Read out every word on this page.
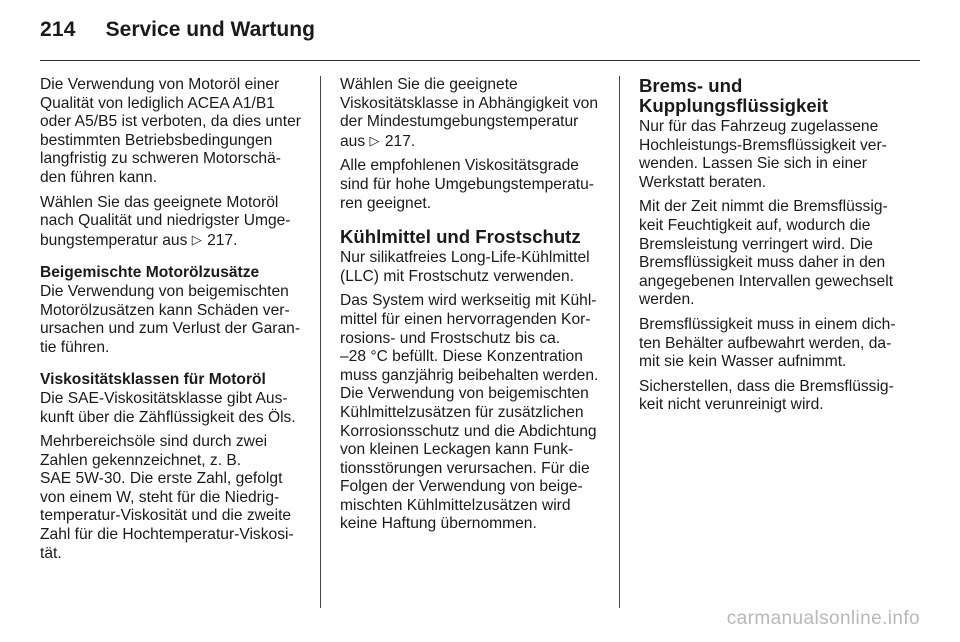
214 Service und Wartung

Die Verwendung von Motoröl einer
Qualität von lediglich ACEA A1/B1
oder A5/B5 ist verboten, da dies unter
bestimmten Betriebsbedingungen
langfristig zu schweren Motorschä-
den führen kann.

Wählen Sie das geeignete Motoröl
nach Qualität und niedrigster Umge-
bungstemperatur aus ▷ 217.

Beigemischte Motorölzusätze

Die Verwendung von beigemischten
Motorölzusätzen kann Schäden ver-
ursachen und zum Verlust der Garan-
tie führen.

Viskositätsklassen für Motoröl

Die SAE-Viskositätsklasse gibt Aus-
kunft über die Zähflüssigkeit des Öls.

Mehrbereichsöle sind durch zwei
Zahlen gekennzeichnet, z. B.
SAE 5W-30. Die erste Zahl, gefolgt
von einem W, steht für die Niedrig-
temperatur-Viskosität und die zweite
Zahl für die Hochtemperatur-Viskosi-
tät.

Wählen Sie die geeignete
Viskositätsklasse in Abhängigkeit von
der Mindestumgebungstemperatur
aus ▷ 217.

Alle empfohlenen Viskositätsgrade
sind für hohe Umgebungstemperatu-
ren geeignet.

Kühlmittel und Frostschutz

Nur silikatfreies Long-Life-Kühlmittel
(LLC) mit Frostschutz verwenden.

Das System wird werkseitig mit Kühl-
mittel für einen hervorragenden Kor-
rosions- und Frostschutz bis ca.
–28 °C befüllt. Diese Konzentration
muss ganzjährig beibehalten werden.
Die Verwendung von beigemischten
Kühlmittelzusätzen für zusätzlichen
Korrosionsschutz und die Abdichtung
von kleinen Leckagen kann Funk-
tionsstörungen verursachen. Für die
Folgen der Verwendung von beige-
mischten Kühlmittelzusätzen wird
keine Haftung übernommen.

Brems- und
Kupplungsflüssigkeit

Nur für das Fahrzeug zugelassene
Hochleistungs-Bremsflüssigkeit ver-
wenden. Lassen Sie sich in einer
Werkstatt beraten.

Mit der Zeit nimmt die Bremsflüssig-
keit Feuchtigkeit auf, wodurch die
Bremsleistung verringert wird. Die
Bremsflüssigkeit muss daher in den
angegebenen Intervallen gewechselt
werden.

Bremsflüssigkeit muss in einem dich-
ten Behälter aufbewahrt werden, da-
mit sie kein Wasser aufnimmt.

Sicherstellen, dass die Bremsflüssig-
keit nicht verunreinigt wird.

carmanualsonline.info
